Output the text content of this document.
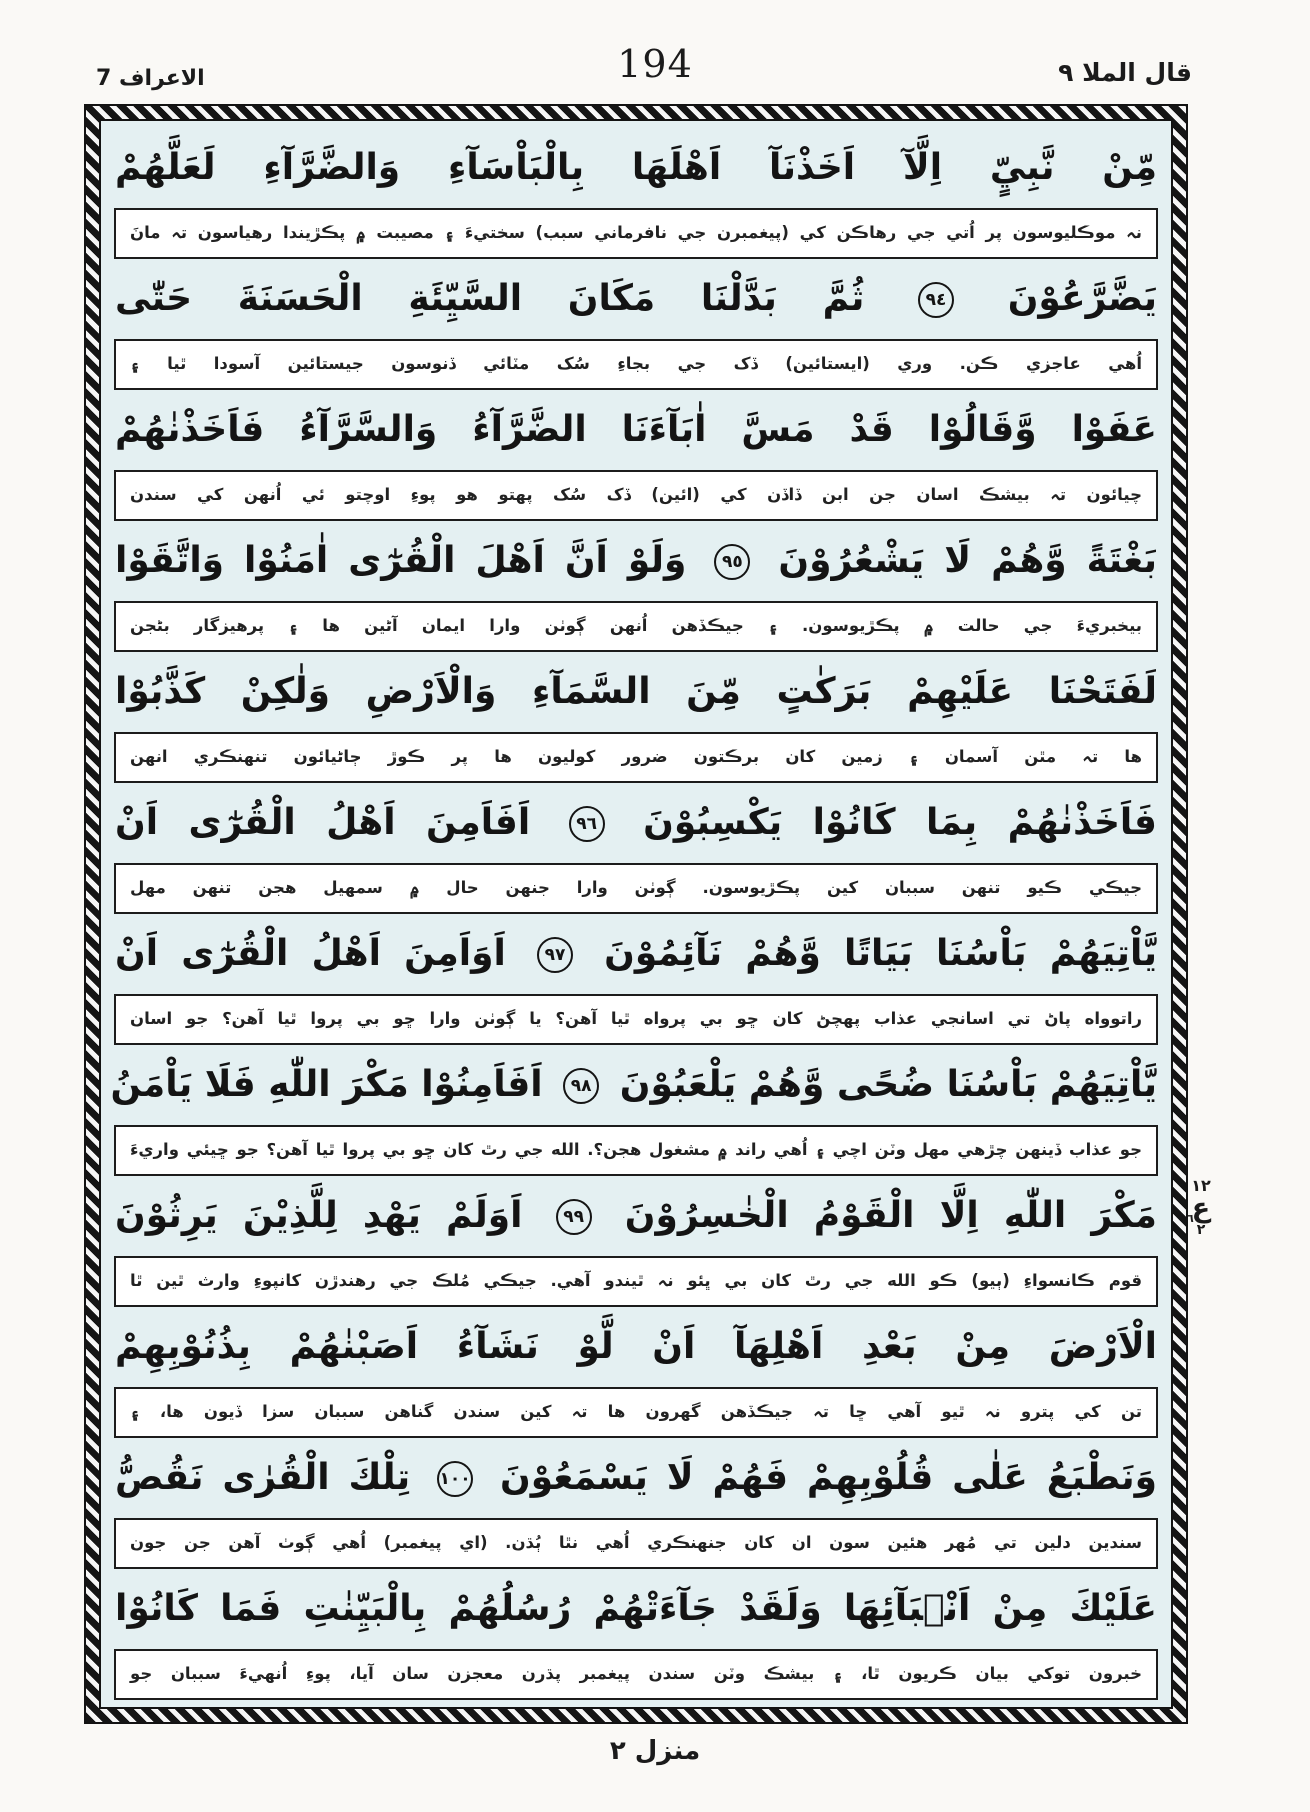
قال الملا ٩
194
الاعراف 7
مِّنْ نَّبِيٍّ اِلَّآ اَخَذْنَآ اَهْلَهَا بِالْبَاْسَآءِ وَالضَّرَّآءِ لَعَلَّهُمْ
نہ موڪليوسون پر اُتي جي رهاڪن کي (پيغمبرن جي نافرماني سبب) سختيءَ ۽ مصيبت ۾ پڪڙيندا رهياسون تہ مانَ
يَضَّرَّعُوْنَ ٩٤ ثُمَّ بَدَّلْنَا مَكَانَ السَّيِّئَةِ الْحَسَنَةَ حَتّٰى
اُهي عاجزي ڪن. وري (ايستائين) ڏک جي بجاءِ سُک مٽائي ڏنوسون جيستائين آسودا ٿيا ۽
عَفَوْا وَّقَالُوْا قَدْ مَسَّ اٰبَآءَنَا الضَّرَّآءُ وَالسَّرَّآءُ فَاَخَذْنٰهُمْ
چيائون تہ بيشڪ اسان جن ابن ڏاڏن کي (ائين) ڏک سُک پهتو هو پوءِ اوچتو ئي اُنهن کي سندن
بَغْتَةً وَّهُمْ لَا يَشْعُرُوْنَ ٩٥ وَلَوْ اَنَّ اَهْلَ الْقُرٰٓى اٰمَنُوْا وَاتَّقَوْا
بيخبريءَ جي حالت ۾ پڪڙيوسون. ۽ جيڪڏهن اُنهن ڳوٺن وارا ايمان آڻين ها ۽ پرهيزگار بڻجن
لَفَتَحْنَا عَلَيْهِمْ بَرَكٰتٍ مِّنَ السَّمَآءِ وَالْاَرْضِ وَلٰكِنْ كَذَّبُوْا
ها تہ مٿن آسمان ۽ زمين کان برڪتون ضرور کوليون ها پر ڪوڙ ڄاڻيائون تنهنڪري انهن
فَاَخَذْنٰهُمْ بِمَا كَانُوْا يَكْسِبُوْنَ ٩٦ اَفَاَمِنَ اَهْلُ الْقُرٰٓى اَنْ
جيڪي ڪيو تنهن سببان کين پڪڙيوسون. ڳوٺن وارا جنهن حال ۾ سمهيل هجن تنهن مهل
يَّاْتِيَهُمْ بَاْسُنَا بَيَاتًا وَّهُمْ نَآئِمُوْنَ ٩٧ اَوَاَمِنَ اَهْلُ الْقُرٰٓى اَنْ
راتوواه پاڻ تي اسانجي عذاب پهچڻ کان ڇو بي پرواه ٿيا آهن؟ يا ڳوٺن وارا ڇو بي پروا ٿيا آهن؟ جو اسان
يَّاْتِيَهُمْ بَاْسُنَا ضُحًى وَّهُمْ يَلْعَبُوْنَ ٩٨ اَفَاَمِنُوْا مَكْرَ اللّٰهِ فَلَا يَاْمَنُ
جو عذاب ڏينهن چڙهي مهل وٽن اچي ۽ اُهي راند ۾ مشغول هجن؟. الله جي رٿ کان ڇو بي پروا ٿيا آهن؟ جو ڇيئي واريءَ
مَكْرَ اللّٰهِ اِلَّا الْقَوْمُ الْخٰسِرُوْنَ ٩٩ اَوَلَمْ يَهْدِ لِلَّذِيْنَ يَرِثُوْنَ
قوم ڪانسواءِ (ٻيو) ڪو الله جي رٿ کان بي ڀئو نہ ٿيندو آهي. جيڪي مُلڪ جي رهندڙن کانپوءِ وارث ٿين ٿا
الْاَرْضَ مِنْ بَعْدِ اَهْلِهَآ اَنْ لَّوْ نَشَآءُ اَصَبْنٰهُمْ بِذُنُوْبِهِمْ
تن کي پترو نہ ٿيو آهي ڇا تہ جيڪڏهن گهرون ها تہ کين سندن گناهن سببان سزا ڏيون ها، ۽
وَنَطْبَعُ عَلٰى قُلُوْبِهِمْ فَهُمْ لَا يَسْمَعُوْنَ ١٠٠ تِلْكَ الْقُرٰى نَقُصُّ
سندين دلين تي مُهر هئين سون ان کان جنهنڪري اُهي نٿا ٻُڌن. (اي پيغمبر) اُهي ڳوٺ آهن جن جون
عَلَيْكَ مِنْ اَنْۢبَآئِهَا وَلَقَدْ جَآءَتْهُمْ رُسُلُهُمْ بِالْبَيِّنٰتِ فَمَا كَانُوْا
خبرون توکي بيان ڪريون ٿا، ۽ بيشڪ وٽن سندن پيغمبر پڌرن معجزن سان آيا، پوءِ اُنهيءَ سببان جو
١٢
ع
٦
٢
منزل ٢
